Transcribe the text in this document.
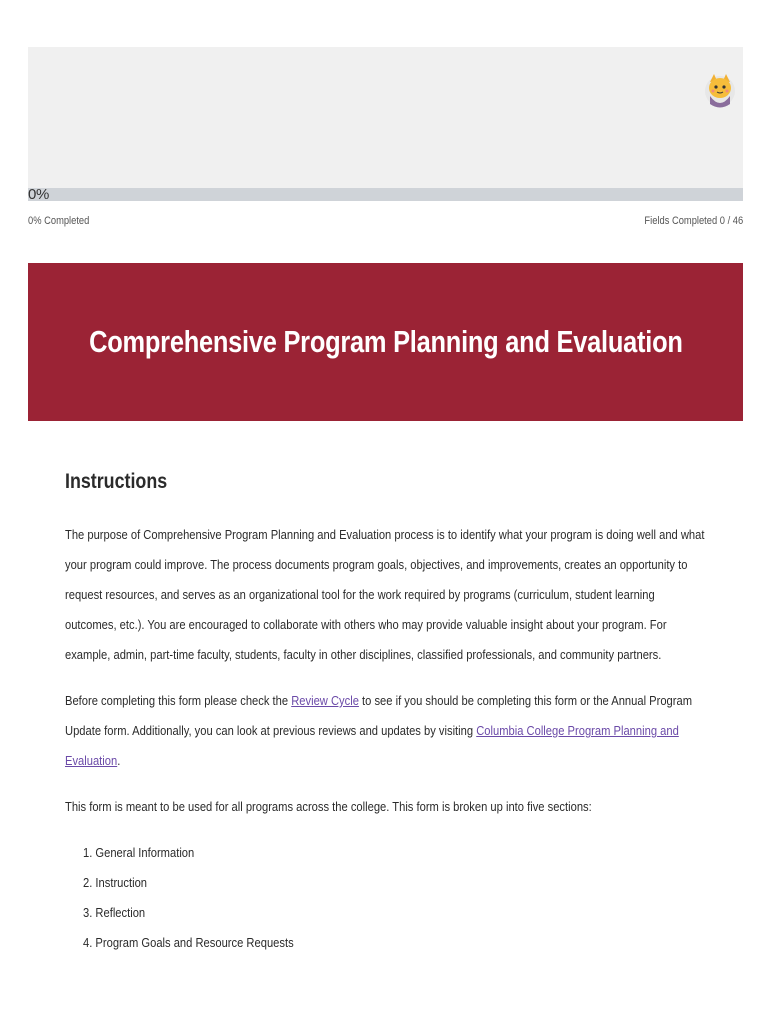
0%
0% Completed	Fields Completed 0 / 46
Comprehensive Program Planning and Evaluation
Instructions

The purpose of Comprehensive Program Planning and Evaluation process is to identify what your program is doing well and what your program could improve. The process documents program goals, objectives, and improvements, creates an opportunity to request resources, and serves as an organizational tool for the work required by programs (curriculum, student learning outcomes, etc.). You are encouraged to collaborate with others who may provide valuable insight about your program. For example, admin, part-time faculty, students, faculty in other disciplines, classified professionals, and community partners.

Before completing this form please check the Review Cycle to see if you should be completing this form or the Annual Program Update form. Additionally, you can look at previous reviews and updates by visiting Columbia College Program Planning and Evaluation.

This form is meant to be used for all programs across the college. This form is broken up into five sections:

1. General Information
2. Instruction
3. Reflection
4. Program Goals and Resource Requests
